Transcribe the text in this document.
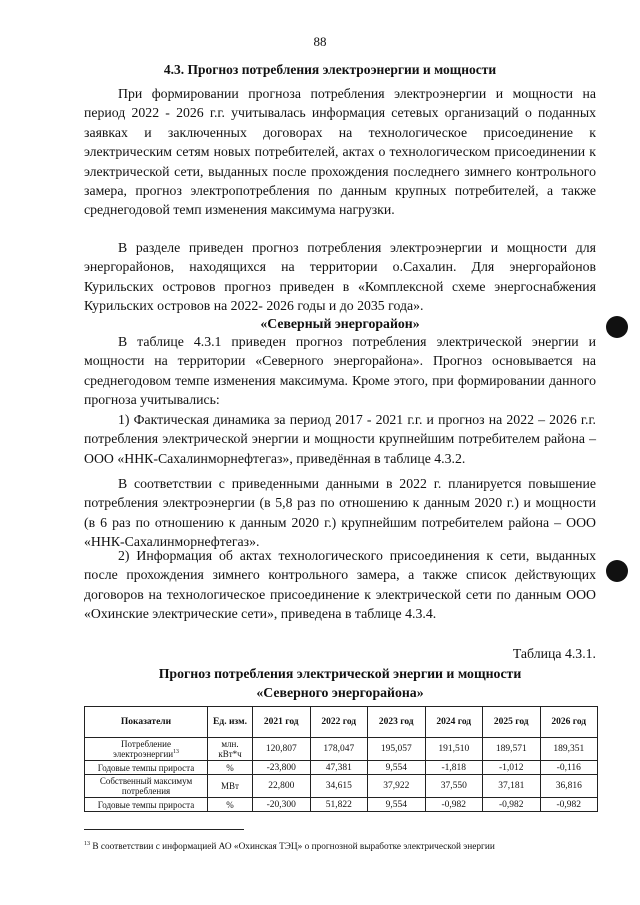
88
4.3. Прогноз потребления электроэнергии и мощности

При формировании прогноза потребления электроэнергии и мощности на период 2022 - 2026 г.г. учитывалась информация сетевых организаций о поданных заявках и заключенных договорах на технологическое присоединение к электрическим сетям новых потребителей, актах о технологическом присоединении к электрической сети, выданных после прохождения последнего зимнего контрольного замера, прогноз электропотребления по данным крупных потребителей, а также среднегодовой темп изменения максимума нагрузки.

В разделе приведен прогноз потребления электроэнергии и мощности для энергорайонов, находящихся на территории о.Сахалин. Для энергорайонов Курильских островов прогноз приведен в «Комплексной схеме энергоснабжения Курильских островов на 2022- 2026 годы и до 2035 года».

«Северный энергорайон»

В таблице 4.3.1 приведен прогноз потребления электрической энергии и мощности на территории «Северного энергорайона». Прогноз основывается на среднегодовом темпе изменения максимума. Кроме этого, при формировании данного прогноза учитывались:

1) Фактическая динамика за период 2017 - 2021 г.г. и прогноз на 2022 – 2026 г.г. потребления электрической энергии и мощности крупнейшим потребителем района – ООО «ННК-Сахалинморнефтегаз», приведённая в таблице 4.3.2.

В соответствии с приведенными данными в 2022 г. планируется повышение потребления электроэнергии (в 5,8 раз по отношению к данным 2020 г.) и мощности (в 6 раз по отношению к данным 2020 г.) крупнейшим потребителем района – ООО «ННК-Сахалинморнефтегаз».

2) Информация об актах технологического присоединения к сети, выданных после прохождения зимнего контрольного замера, а также список действующих договоров на технологическое присоединение к электрической сети по данным ООО «Охинские электрические сети», приведена в таблице 4.3.4.

Таблица 4.3.1.
Прогноз потребления электрической энергии и мощности
«Северного энергорайона»
Показатели	Ед. изм.	2021 год	2022 год	2023 год	2024 год	2025 год	2026 год
Потребление электроэнергии$^{13}$	млн. кВт*ч	120,807	178,047	195,057	191,510	189,571	189,351
Годовые темпы прироста	%	-23,800	47,381	9,554	-1,818	-1,012	-0,116
Собственный максимум потребления	МВт	22,800	34,615	37,922	37,550	37,181	36,816
Годовые темпы прироста	%	-20,300	51,822	9,554	-0,982	-0,982	-0,982
$^{13}$ В соответствии с информацией АО «Охинская ТЭЦ» о прогнозной выработке электрической энергии
